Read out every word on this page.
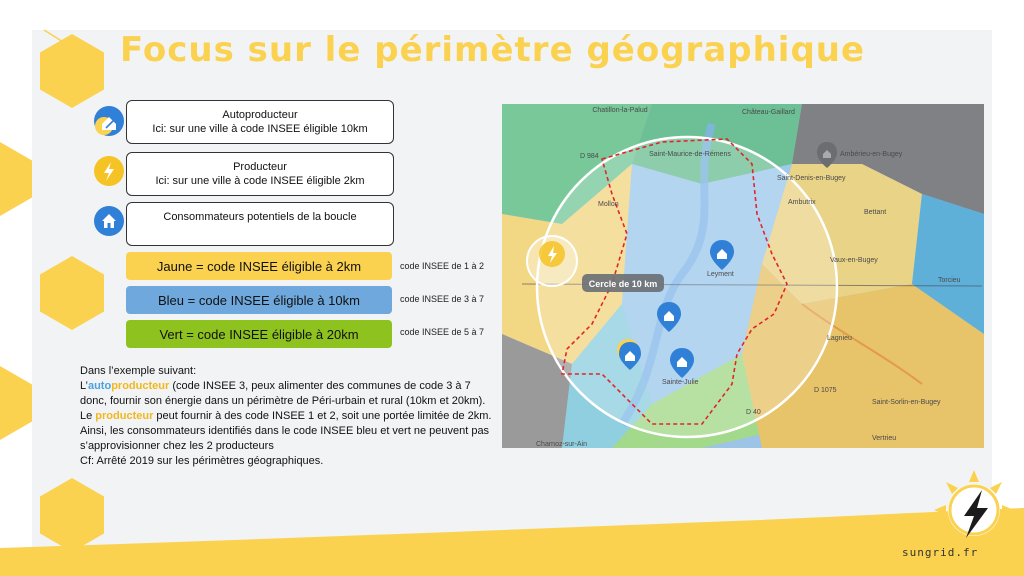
Focus sur le périmètre géographique
Autoproducteur
Ici: sur une ville à code INSEE éligible 10km
Producteur
Ici: sur une ville à code INSEE éligible 2km
Consommateurs potentiels de la boucle
Jaune = code INSEE éligible à 2km	code INSEE de 1 à 2
Bleu = code INSEE éligible à 10km	code INSEE de 3 à 7
Vert = code INSEE éligible à 20km	code INSEE de 5 à 7

Dans l’exemple suivant:

L’autoproducteur (code INSEE 3, peux alimenter des communes de code 3 à 7 donc, fournir son énergie dans un périmètre de Péri-urbain et rural (10km et 20km).

Le producteur peut fournir à des code INSEE 1 et 2, soit une portée limitée de 2km. Ainsi, les consommateurs identifiés dans le code INSEE bleu et vert ne peuvent pas s’approvisionner chez les 2 producteurs

Cf: Arrêté 2019 sur les périmètres géographiques.

Cercle de 10 km
Chatillon-la-Palud	Château-Gaillard
Saint-Maurice-de-Rémens
Saint-Denis-en-Bugey
Ambutrix
Ambérieu-en-Bugey
Bettant
Vaux-en-Bugey
Torcieu
Leyment
Lagnieu
Sainte-Julie
Saint-Sorlin-en-Bugey
Vertrieu
Charnoz-sur-Ain
Mollon
D 984
D 1075
D 40
sungrid.fr
